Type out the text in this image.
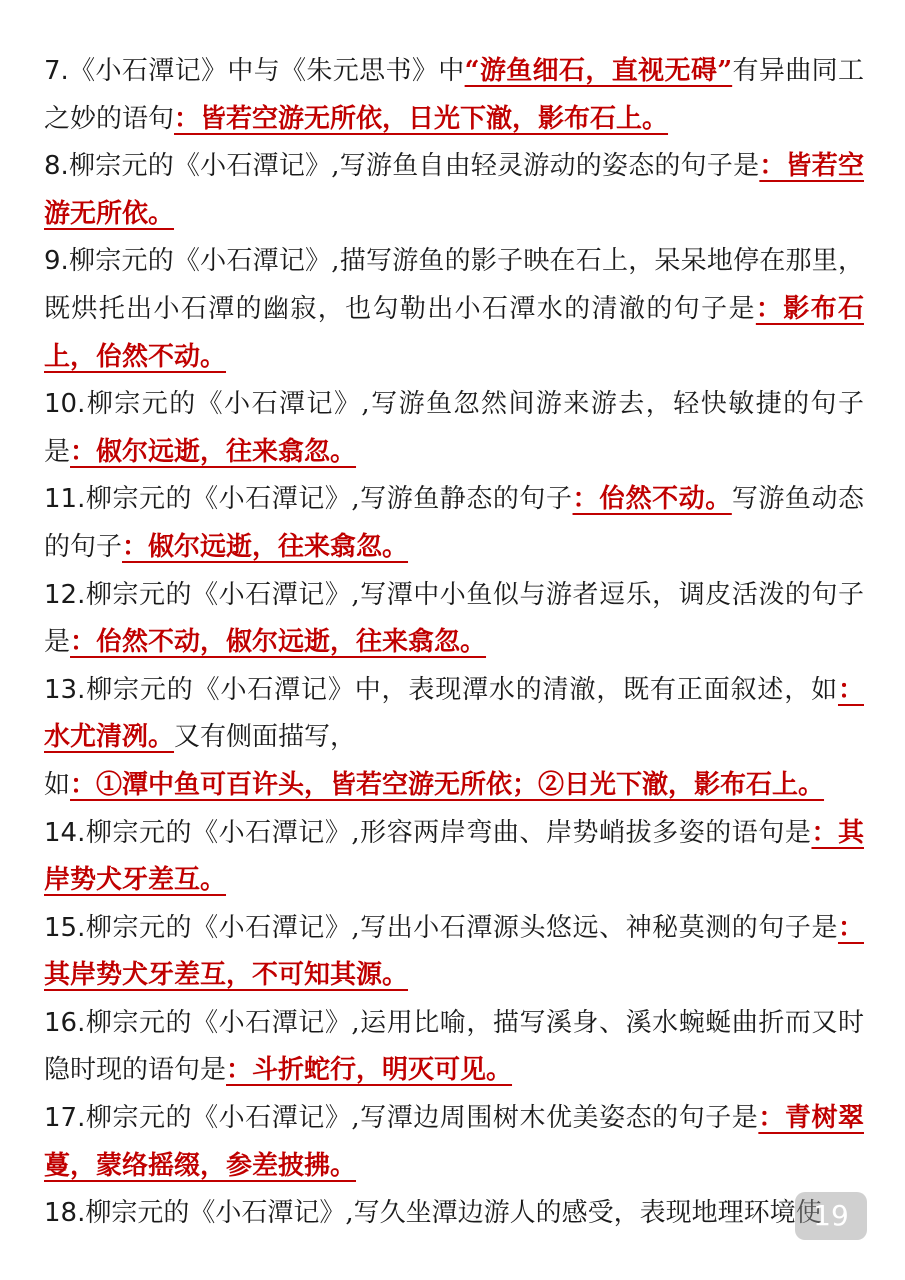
7.《小石潭记》中与《朱元思书》中“游鱼细石，直视无碍”有异曲同工之妙的语句：皆若空游无所依，日光下澈，影布石上。

8.柳宗元的《小石潭记》,写游鱼自由轻灵游动的姿态的句子是：皆若空游无所依。

9.柳宗元的《小石潭记》,描写游鱼的影子映在石上，呆呆地停在那里，既烘托出小石潭的幽寂，也勾勒出小石潭水的清澈的句子是：影布石上，佁然不动。

10.柳宗元的《小石潭记》,写游鱼忽然间游来游去，轻快敏捷的句子是：俶尔远逝，往来翕忽。

11.柳宗元的《小石潭记》,写游鱼静态的句子：佁然不动。写游鱼动态的句子：俶尔远逝，往来翕忽。

12.柳宗元的《小石潭记》,写潭中小鱼似与游者逗乐，调皮活泼的句子是：佁然不动，俶尔远逝，往来翕忽。

13.柳宗元的《小石潭记》中，表现潭水的清澈，既有正面叙述，如：水尤清冽。又有侧面描写，
如：①潭中鱼可百许头，皆若空游无所依；②日光下澈，影布石上。

14.柳宗元的《小石潭记》,形容两岸弯曲、岸势峭拔多姿的语句是：其岸势犬牙差互。

15.柳宗元的《小石潭记》,写出小石潭源头悠远、神秘莫测的句子是：其岸势犬牙差互，不可知其源。

16.柳宗元的《小石潭记》,运用比喻，描写溪身、溪水蜿蜒曲折而又时隐时现的语句是：斗折蛇行，明灭可见。

17.柳宗元的《小石潭记》,写潭边周围树木优美姿态的句子是：青树翠蔓，蒙络摇缀，参差披拂。

18.柳宗元的《小石潭记》,写久坐潭边游人的感受，表现地理环境使

19
